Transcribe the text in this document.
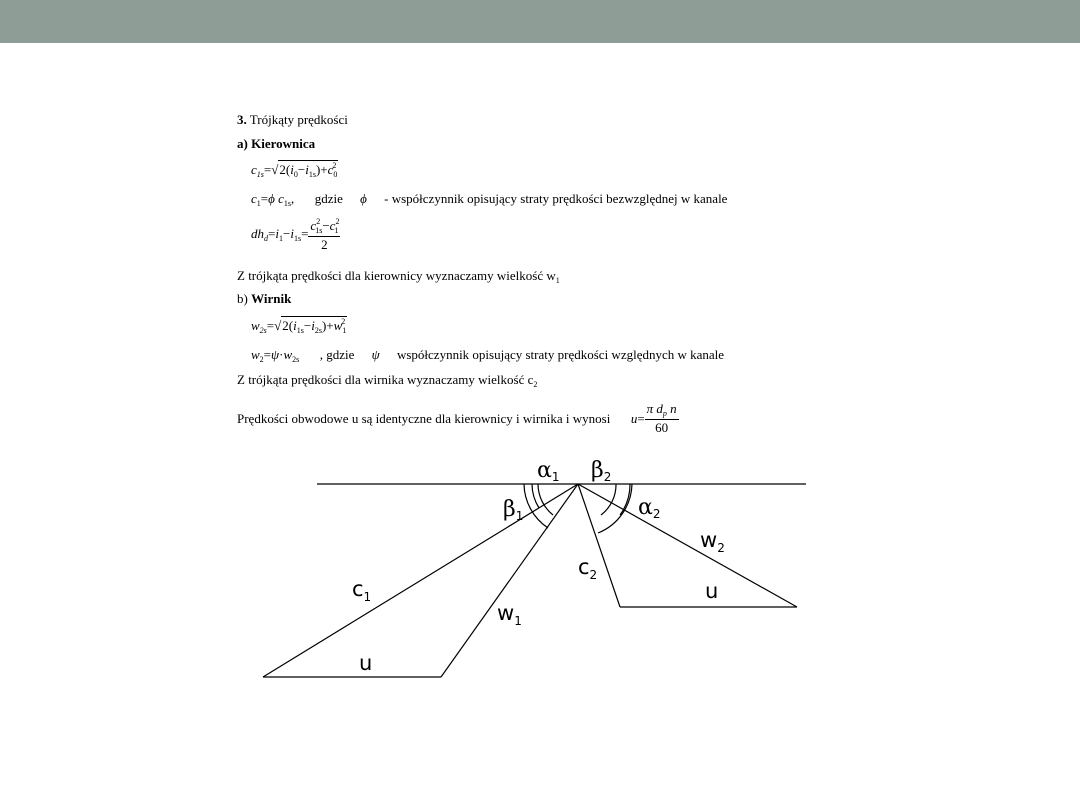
3. Trójkąty prędkości
a) Kierownica
$c_{1s}=√2(i_0-i_{1s})+c_0^2$
$c_1=\phi$ $c_{1s}$,  gdzie ϕ - współczynnik opisujący straty prędkości bezwzględnej w kanale
$dh_d=i_1-i_{1s}= \frac{c^2_{1s}-c^2_1}{2}$
Z trójkąta prędkości dla kierownicy wyznaczamy wielkość $w_1$
b) Wirnik
$w_{2s}=√2(i_{1s}-i_{2s})+w_1^2$
$w_2=\psi\cdot w_{2s}$ , gdzie ψ współczynnik opisujący straty prędkości względnych w kanale
Z trójkąta prędkości dla wirnika wyznaczamy wielkość $c_2$
Prędkości obwodowe u są identyczne dla kierownicy i wirnika i wynosi $u= \frac{\pi d_p n}{60}$
α1 β2
β1	α2
$c_1$
$w_1$
$c_2$
$w_2$
u
u
